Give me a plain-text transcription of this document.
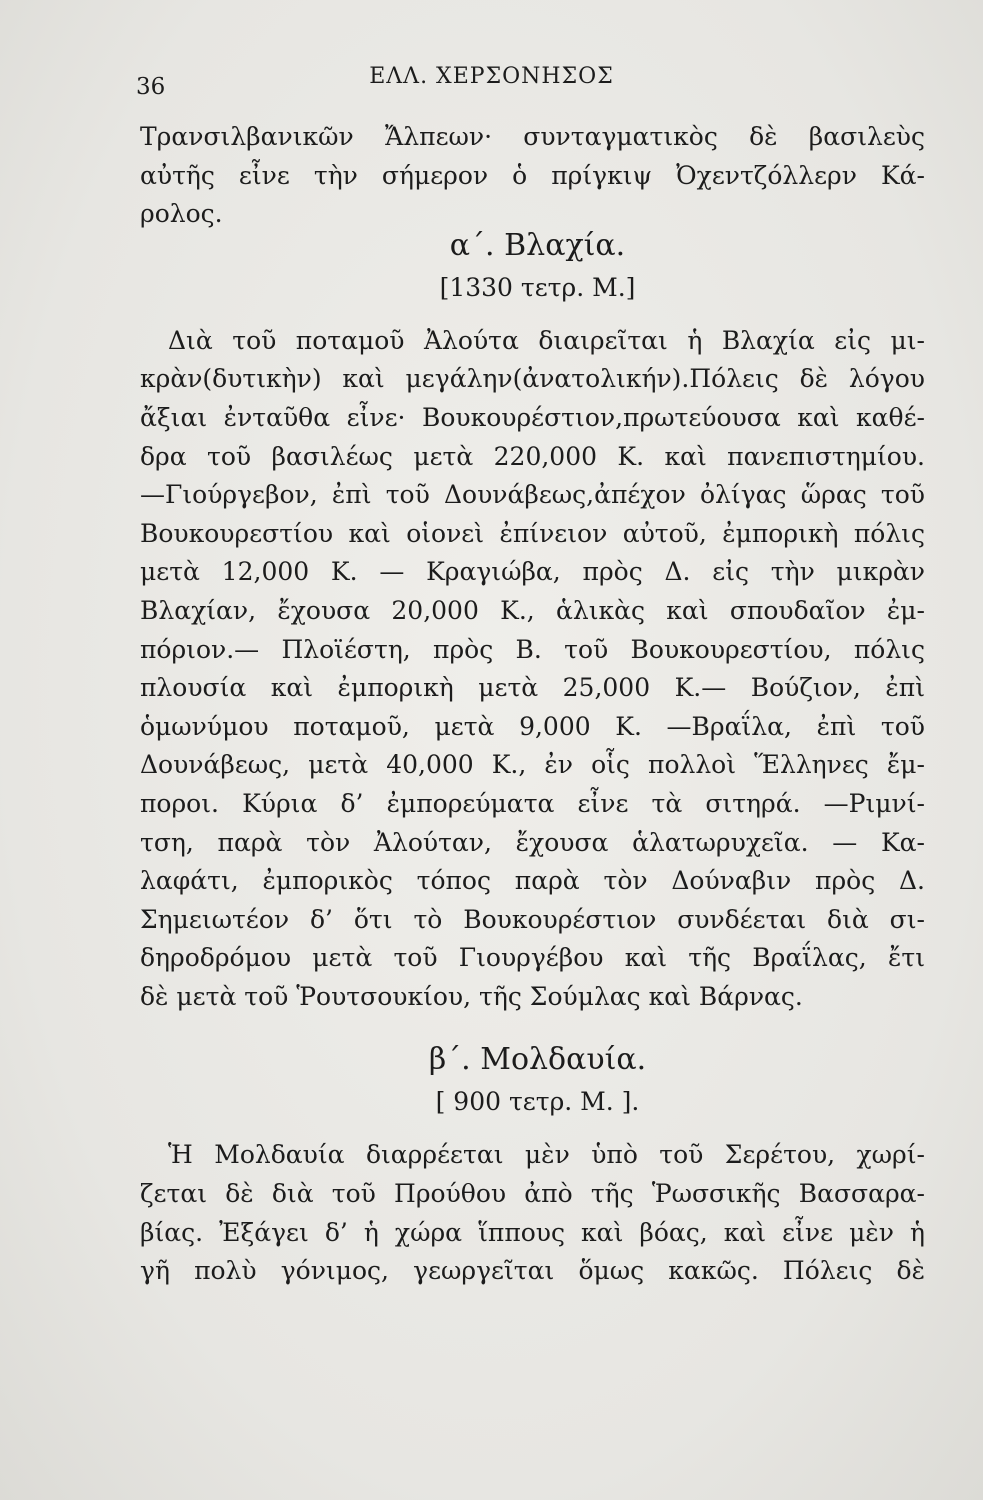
36	ΕΛΛ. ΧΕΡΣΟΝΗΣΟΣ
Τρανσιλβανικῶν Ἄλπεων· συνταγματικὸς δὲ βασιλεὺς
αὐτῆς εἶνε τὴν σήμερον ὁ πρίγκιψ Ὀχεντζόλλερν Κά-
ρολος.
α΄. Βλαχία.
[1330 τετρ. Μ.]
Διὰ τοῦ ποταμοῦ Ἀλούτα διαιρεῖται ἡ Βλαχία εἰς μι-
κρὰν(δυτικὴν) καὶ μεγάλην(ἀνατολικήν).Πόλεις δὲ λόγου
ἄξιαι ἐνταῦθα εἶνε· Βουκουρέστιον,πρωτεύουσα καὶ καθέ-
δρα τοῦ βασιλέως μετὰ 220,000 Κ. καὶ πανεπιστημίου.
—Γιούργεβον, ἐπὶ τοῦ Δουνάβεως,ἀπέχον ὀλίγας ὥρας τοῦ
Βουκουρεστίου καὶ οἱονεὶ ἐπίνειον αὐτοῦ, ἐμπορικὴ πόλις
μετὰ 12,000 Κ. — Κραγιώβα, πρὸς Δ. εἰς τὴν μικρὰν
Βλαχίαν, ἔχουσα 20,000 Κ., ἁλικὰς καὶ σπουδαῖον ἐμ-
πόριον.— Πλοϊέστη, πρὸς Β. τοῦ Βουκουρεστίου, πόλις
πλουσία καὶ ἐμπορικὴ μετὰ 25,000 Κ.— Βούζιον, ἐπὶ
ὁμωνύμου ποταμοῦ, μετὰ 9,000 Κ. —Βραΐλα, ἐπὶ τοῦ
Δουνάβεως, μετὰ 40,000 Κ., ἐν οἷς πολλοὶ Ἕλληνες ἔμ-
ποροι. Κύρια δ’ ἐμπορεύματα εἶνε τὰ σιτηρά. —Ριμνί-
τση, παρὰ τὸν Ἀλούταν, ἔχουσα ἁλατωρυχεῖα. — Κα-
λαφάτι, ἐμπορικὸς τόπος παρὰ τὸν Δούναβιν πρὸς Δ.
Σημειωτέον δ’ ὅτι τὸ Βουκουρέστιον συνδέεται διὰ σι-
δηροδρόμου μετὰ τοῦ Γιουργέβου καὶ τῆς Βραΐλας, ἔτι
δὲ μετὰ τοῦ Ῥουτσουκίου, τῆς Σούμλας καὶ Βάρνας.
β΄. Μολδαυία.
[ 900 τετρ. Μ. ].
Ἡ Μολδαυία διαρρέεται μὲν ὑπὸ τοῦ Σερέτου, χωρί-
ζεται δὲ διὰ τοῦ Προύθου ἀπὸ τῆς Ῥωσσικῆς Βασσαρα-
βίας. Ἐξάγει δ’ ἡ χώρα ἵππους καὶ βόας, καὶ εἶνε μὲν ἡ
γῆ πολὺ γόνιμος, γεωργεῖται ὅμως κακῶς. Πόλεις δὲ
